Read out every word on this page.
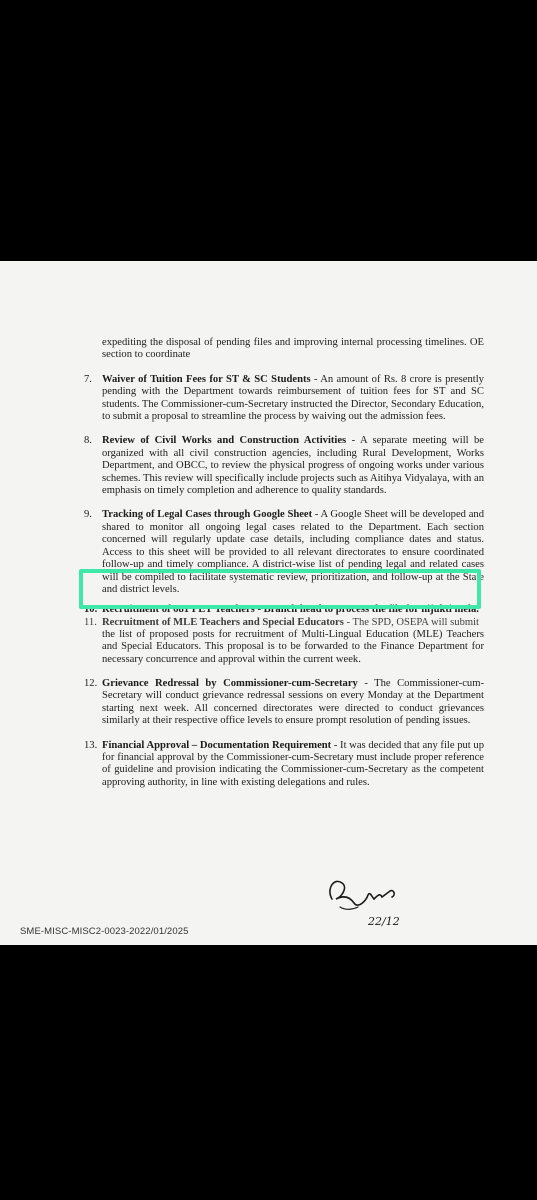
expediting the disposal of pending files and improving internal processing timelines. OE section to coordinate
7. Waiver of Tuition Fees for ST & SC Students - An amount of Rs. 8 crore is presently pending with the Department towards reimbursement of tuition fees for ST and SC students. The Commissioner-cum-Secretary instructed the Director, Secondary Education, to submit a proposal to streamline the process by waiving out the admission fees.
8. Review of Civil Works and Construction Activities - A separate meeting will be organized with all civil construction agencies, including Rural Development, Works Department, and OBCC, to review the physical progress of ongoing works under various schemes. This review will specifically include projects such as Aitihya Vidyalaya, with an emphasis on timely completion and adherence to quality standards.
9. Tracking of Legal Cases through Google Sheet - A Google Sheet will be developed and shared to monitor all ongoing legal cases related to the Department. Each section concerned will regularly update case details, including compliance dates and status. Access to this sheet will be provided to all relevant directorates to ensure coordinated follow-up and timely compliance. A district-wise list of pending legal and related cases will be compiled to facilitate systematic review, prioritization, and follow-up at the State and district levels.
10. Recruitment of 681 PET Teachers - Branch head to process the file for nijukti mela.
11. Recruitment of MLE Teachers and Special Educators - The SPD, OSEPA will submit
the list of proposed posts for recruitment of Multi-Lingual Education (MLE) Teachers and Special Educators. This proposal is to be forwarded to the Finance Department for necessary concurrence and approval within the current week.
12. Grievance Redressal by Commissioner-cum-Secretary - The Commissioner-cum-Secretary will conduct grievance redressal sessions on every Monday at the Department starting next week. All concerned directorates were directed to conduct grievances similarly at their respective office levels to ensure prompt resolution of pending issues.
13. Financial Approval – Documentation Requirement - It was decided that any file put up for financial approval by the Commissioner-cum-Secretary must include proper reference of guideline and provision indicating the Commissioner-cum-Secretary as the competent approving authority, in line with existing delegations and rules.
22/12
SME-MISC-MISC2-0023-2022/01/2025
